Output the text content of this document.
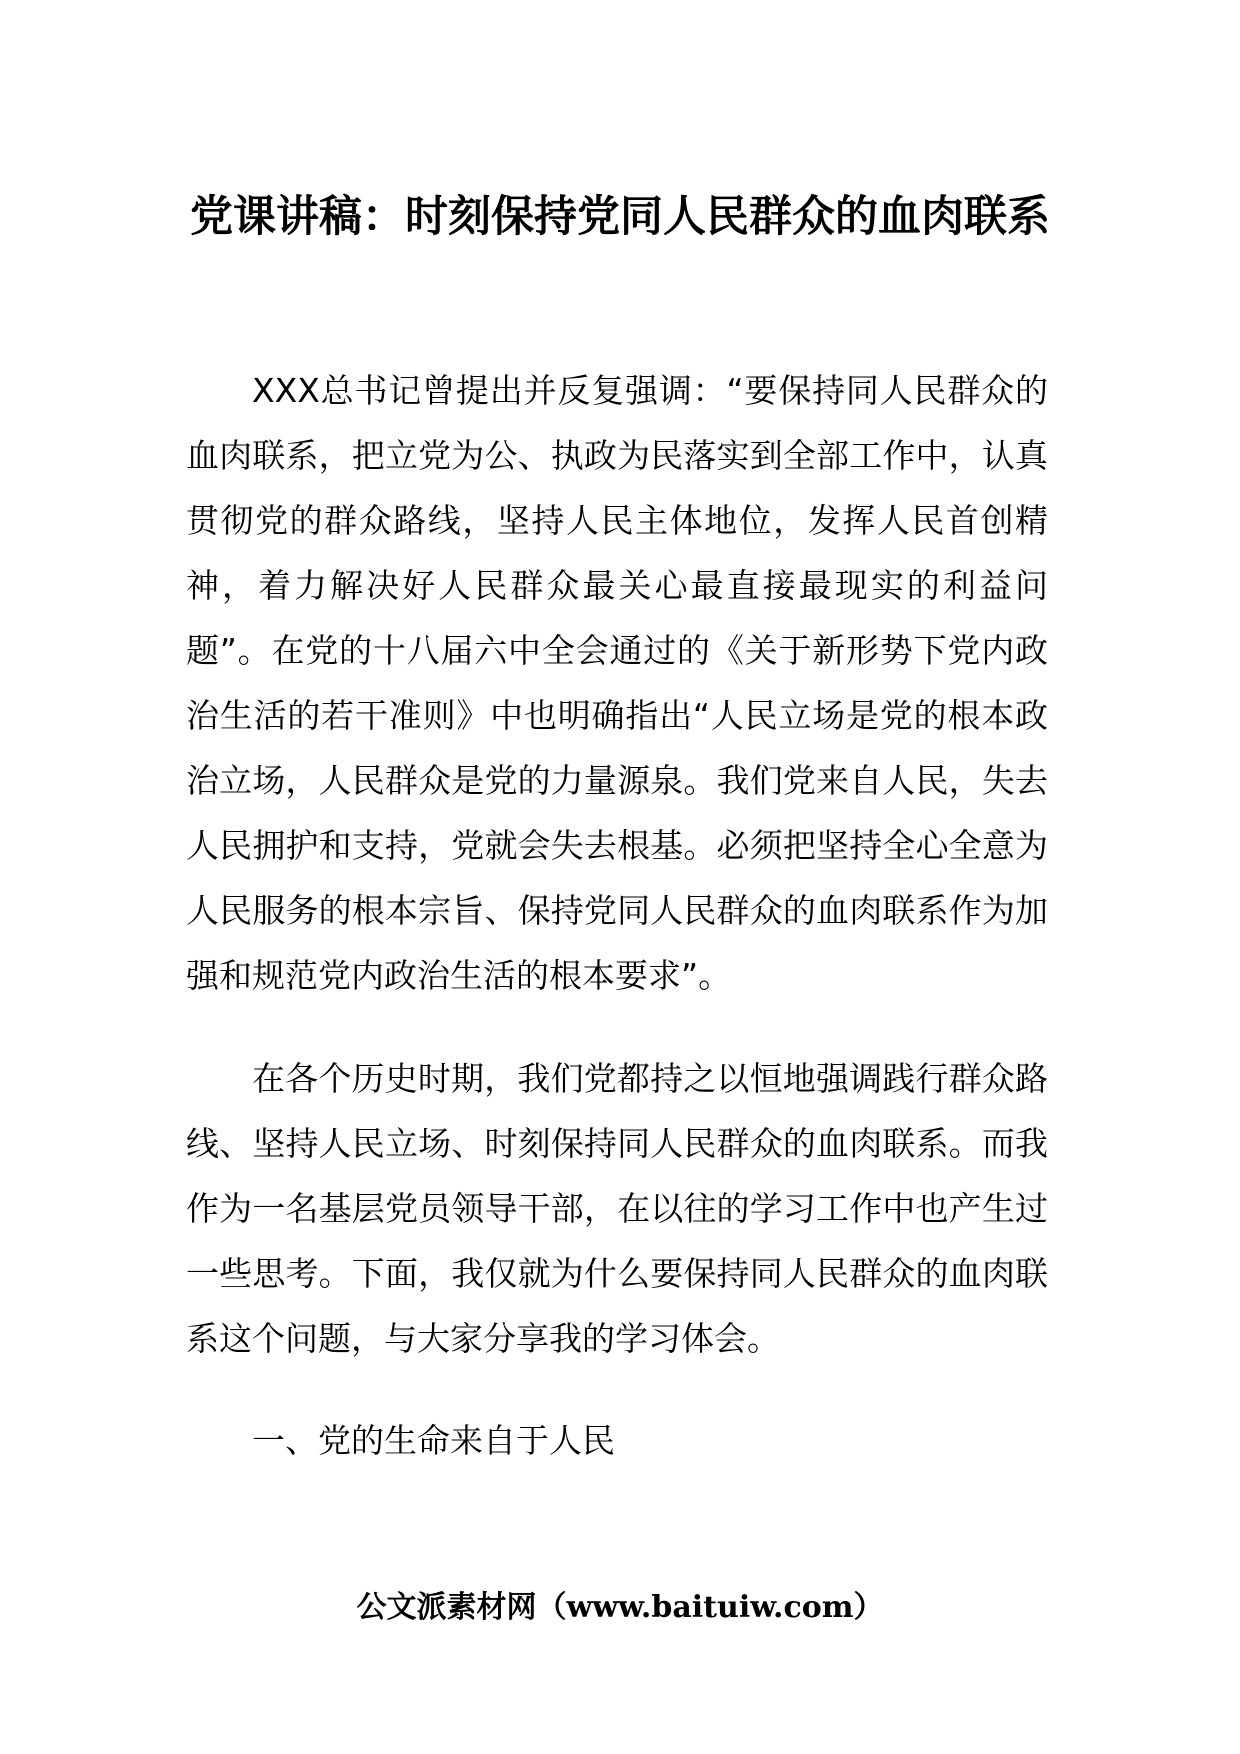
党课讲稿：时刻保持党同人民群众的血肉联系

XXX总书记曾提出并反复强调：“要保持同人民群众的血肉联系，把立党为公、执政为民落实到全部工作中，认真贯彻党的群众路线，坚持人民主体地位，发挥人民首创精神，着力解决好人民群众最关心最直接最现实的利益问题”。在党的十八届六中全会通过的《关于新形势下党内政治生活的若干准则》中也明确指出“人民立场是党的根本政治立场，人民群众是党的力量源泉。我们党来自人民，失去人民拥护和支持，党就会失去根基。必须把坚持全心全意为人民服务的根本宗旨、保持党同人民群众的血肉联系作为加强和规范党内政治生活的根本要求”。

在各个历史时期，我们党都持之以恒地强调践行群众路线、坚持人民立场、时刻保持同人民群众的血肉联系。而我作为一名基层党员领导干部，在以往的学习工作中也产生过一些思考。下面，我仅就为什么要保持同人民群众的血肉联系这个问题，与大家分享我的学习体会。

一、党的生命来自于人民

公文派素材网（www.baituiw.com）
